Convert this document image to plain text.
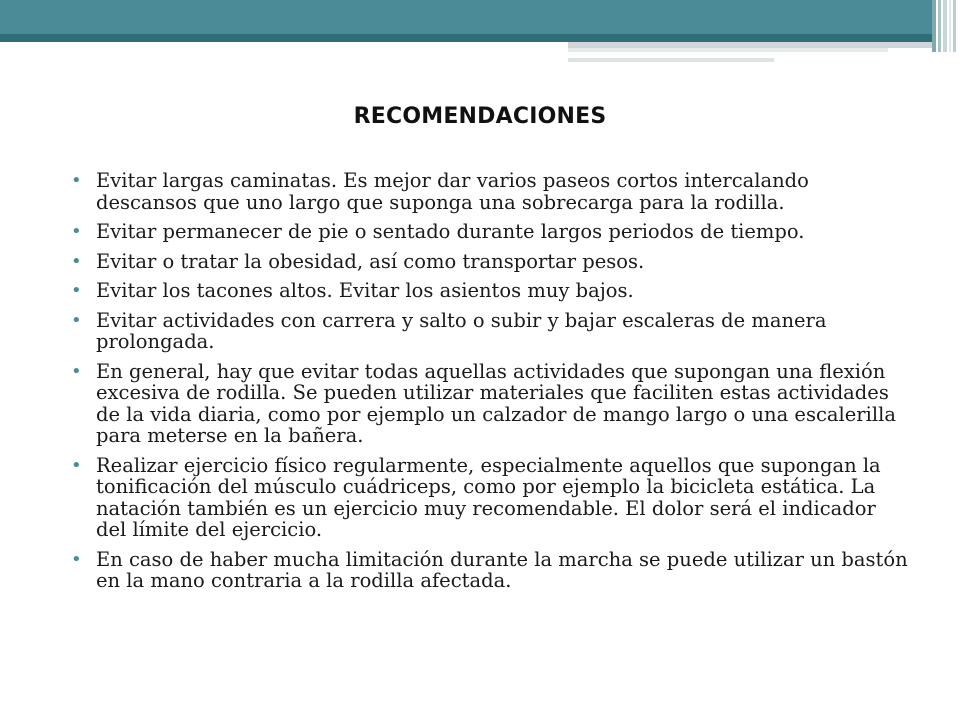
RECOMENDACIONES
• Evitar largas caminatas. Es mejor dar varios paseos cortos intercalando descansos que uno largo que suponga una sobrecarga para la rodilla.
• Evitar permanecer de pie o sentado durante largos periodos de tiempo.
• Evitar o tratar la obesidad, así como transportar pesos.
• Evitar los tacones altos. Evitar los asientos muy bajos.
• Evitar actividades con carrera y salto o subir y bajar escaleras de manera prolongada.
• En general, hay que evitar todas aquellas actividades que supongan una flexión excesiva de rodilla. Se pueden utilizar materiales que faciliten estas actividades de la vida diaria, como por ejemplo un calzador de mango largo o una escalerilla para meterse en la bañera.
• Realizar ejercicio físico regularmente, especialmente aquellos que supongan la tonificación del músculo cuádriceps, como por ejemplo la bicicleta estática. La natación también es un ejercicio muy recomendable. El dolor será el indicador del límite del ejercicio.
• En caso de haber mucha limitación durante la marcha se puede utilizar un bastón en la mano contraria a la rodilla afectada.
